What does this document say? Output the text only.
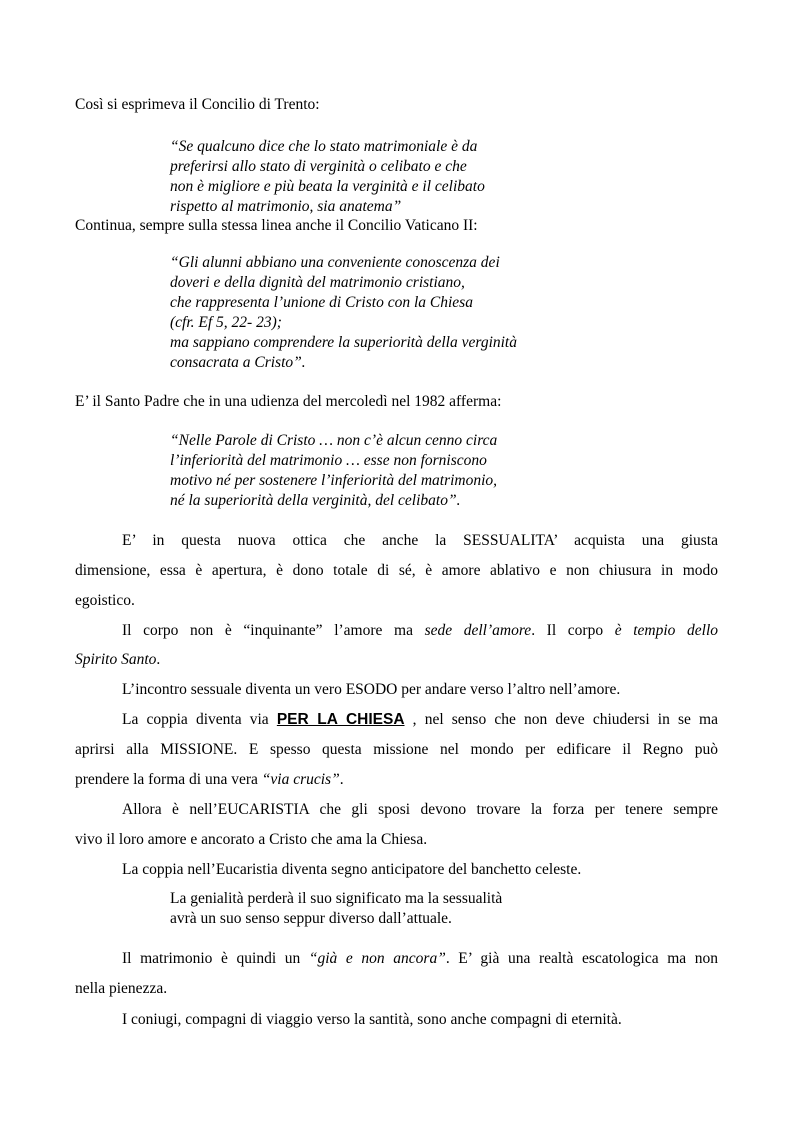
Così si esprimeva il Concilio di Trento:
“Se qualcuno dice che lo stato matrimoniale è da
preferirsi allo stato di verginità o celibato e che
non è migliore e più beata la verginità e il celibato
rispetto al matrimonio, sia anatema”
Continua, sempre sulla stessa linea anche il Concilio Vaticano II:
“Gli alunni abbiano una conveniente conoscenza dei
doveri e della dignità del matrimonio cristiano,
che rappresenta l’unione di Cristo con la Chiesa
(cfr. Ef 5, 22- 23);
ma sappiano comprendere la superiorità della verginità
consacrata a Cristo”.
E’ il Santo Padre che in una udienza del mercoledì nel 1982 afferma:
“Nelle Parole di Cristo … non c’è alcun cenno circa
l’inferiorità del matrimonio … esse non forniscono
motivo né per sostenere l’inferiorità del matrimonio,
né la superiorità della verginità, del celibato”.
E’ in questa nuova ottica che anche la SESSUALITA’ acquista una giusta
dimensione, essa è apertura, è dono totale di sé, è amore ablativo e non chiusura in modo
egoistico.
Il corpo non è “inquinante” l’amore ma sede dell’amore. Il corpo è tempio dello
Spirito Santo.
L’incontro sessuale diventa un vero ESODO per andare verso l’altro nell’amore.
La coppia diventa via PER LA CHIESA , nel senso che non deve chiudersi in se ma
aprirsi alla MISSIONE. E spesso questa missione nel mondo per edificare il Regno può
prendere la forma di una vera “via crucis”.
Allora è nell’EUCARISTIA che gli sposi devono trovare la forza per tenere sempre
vivo il loro amore e ancorato a Cristo che ama la Chiesa.
La coppia nell’Eucaristia diventa segno anticipatore del banchetto celeste.
La genialità perderà il suo significato ma la sessualità
avrà un suo senso seppur diverso dall’attuale.
Il matrimonio è quindi un “già e non ancora”. E’ già una realtà escatologica ma non
nella pienezza.
I coniugi, compagni di viaggio verso la santità, sono anche compagni di eternità.
